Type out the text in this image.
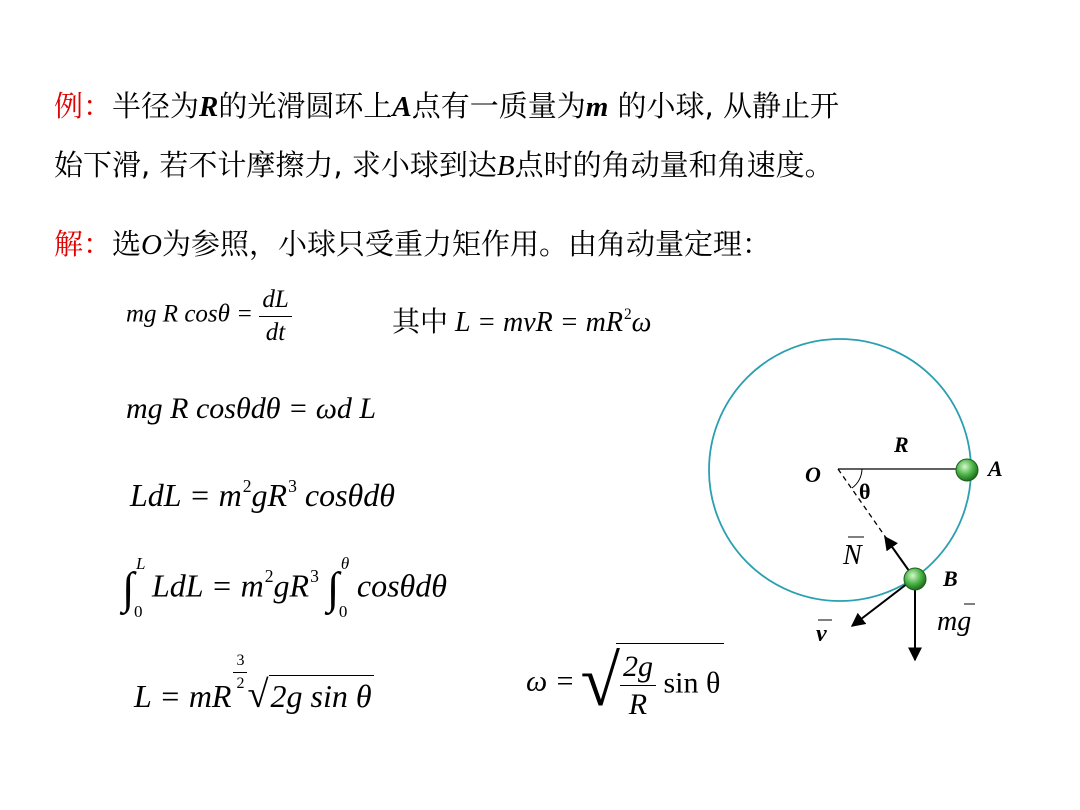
例：半径为R的光滑圆环上A点有一质量为m 的小球, 从静止开
始下滑, 若不计摩擦力, 求小球到达B点时的角动量和角速度。
解：选O为参照，小球只受重力矩作用。由角动量定理：
mg R $\cos\theta = \frac{dL}{dt}$	其中 L = mvR = $mR^2\omega$
mg R cosθdθ = ωd L
LdL = $m^2gR^3$ cosθdθ
∫ L
0
LdL = $m^2gR^3$ ∫ θ
0
cosθdθ
L = mR
$\frac{3}{2}$
√2g sin θ	ω = √ $\frac{2g}{R}$ sin θ
R
O	A
θ
N
B
mg
v
